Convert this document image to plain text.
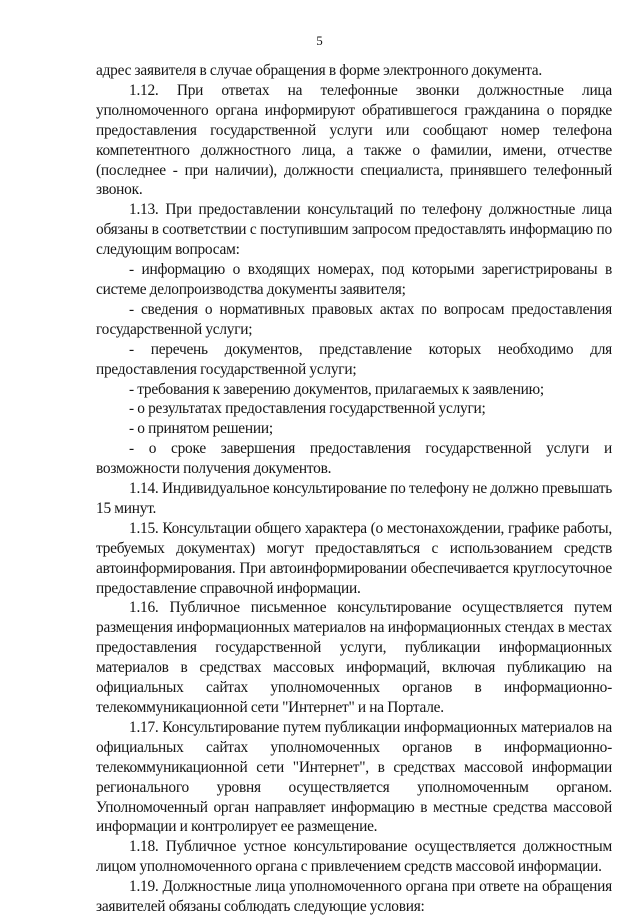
5

адрес заявителя в случае обращения в форме электронного документа.

1.12. При ответах на телефонные звонки должностные лица уполномоченного органа информируют обратившегося гражданина о порядке предоставления государственной услуги или сообщают номер телефона компетентного должностного лица, а также о фамилии, имени, отчестве (последнее - при наличии), должности специалиста, принявшего телефонный звонок.

1.13. При предоставлении консультаций по телефону должностные лица обязаны в соответствии с поступившим запросом предоставлять информацию по следующим вопросам:

- информацию о входящих номерах, под которыми зарегистрированы в системе делопроизводства документы заявителя;

- сведения о нормативных правовых актах по вопросам предоставления государственной услуги;

- перечень документов, представление которых необходимо для предоставления государственной услуги;

- требования к заверению документов, прилагаемых к заявлению;

- о результатах предоставления государственной услуги;

- о принятом решении;

- о сроке завершения предоставления государственной услуги и возможности получения документов.

1.14. Индивидуальное консультирование по телефону не должно превышать 15 минут.

1.15. Консультации общего характера (о местонахождении, графике работы, требуемых документах) могут предоставляться с использованием средств автоинформирования. При автоинформировании обеспечивается круглосуточное предоставление справочной информации.

1.16. Публичное письменное консультирование осуществляется путем размещения информационных материалов на информационных стендах в местах предоставления государственной услуги, публикации информационных материалов в средствах массовых информаций, включая публикацию на официальных сайтах уполномоченных органов в информационно-телекоммуникационной сети "Интернет" и на Портале.

1.17. Консультирование путем публикации информационных материалов на официальных сайтах уполномоченных органов в информационно-телекоммуникационной сети "Интернет", в средствах массовой информации регионального уровня осуществляется уполномоченным органом. Уполномоченный орган направляет информацию в местные средства массовой информации и контролирует ее размещение.

1.18. Публичное устное консультирование осуществляется должностным лицом уполномоченного органа с привлечением средств массовой информации.

1.19. Должностные лица уполномоченного органа при ответе на обращения заявителей обязаны соблюдать следующие условия:
